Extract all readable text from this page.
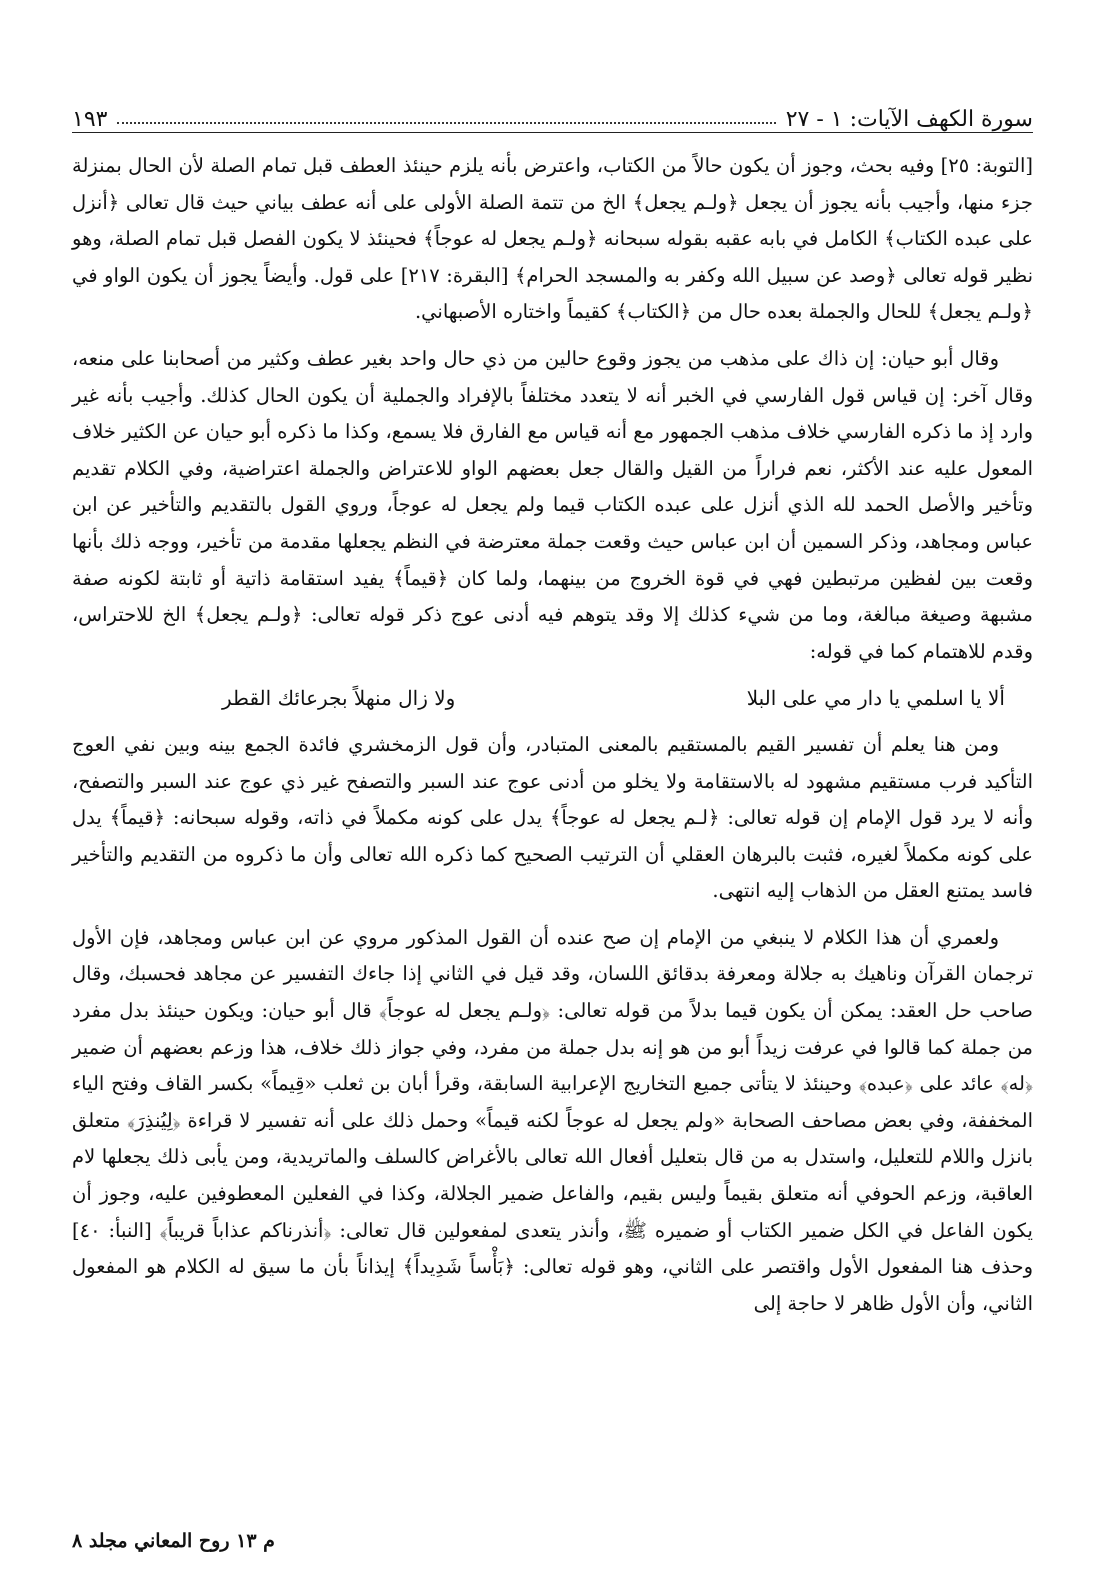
سورة الكهف الآيات: ١ - ٢٧
١٩٣

[التوبة: ٢٥] وفيه بحث، وجوز أن يكون حالاً من الكتاب، واعترض بأنه يلزم حينئذ العطف قبل تمام الصلة لأن الحال بمنزلة جزء منها، وأجيب بأنه يجوز أن يجعل ﴿ولـم يجعل﴾ الخ من تتمة الصلة الأولى على أنه عطف بياني حيث قال تعالى ﴿أنزل على عبده الكتاب﴾ الكامل في بابه عقبه بقوله سبحانه ﴿ولـم يجعل له عوجاً﴾ فحينئذ لا يكون الفصل قبل تمام الصلة، وهو نظير قوله تعالى ﴿وصد عن سبيل الله وكفر به والمسجد الحرام﴾ [البقرة: ٢١٧] على قول. وأيضاً يجوز أن يكون الواو في ﴿ولـم يجعل﴾ للحال والجملة بعده حال من ﴿الكتاب﴾ كقيماً واختاره الأصبهاني.

وقال أبو حيان: إن ذاك على مذهب من يجوز وقوع حالين من ذي حال واحد بغير عطف وكثير من أصحابنا على منعه، وقال آخر: إن قياس قول الفارسي في الخبر أنه لا يتعدد مختلفاً بالإفراد والجملية أن يكون الحال كذلك. وأجيب بأنه غير وارد إذ ما ذكره الفارسي خلاف مذهب الجمهور مع أنه قياس مع الفارق فلا يسمع، وكذا ما ذكره أبو حيان عن الكثير خلاف المعول عليه عند الأكثر، نعم فراراً من القيل والقال جعل بعضهم الواو للاعتراض والجملة اعتراضية، وفي الكلام تقديم وتأخير والأصل الحمد لله الذي أنزل على عبده الكتاب قيما ولم يجعل له عوجاً، وروي القول بالتقديم والتأخير عن ابن عباس ومجاهد، وذكر السمين أن ابن عباس حيث وقعت جملة معترضة في النظم يجعلها مقدمة من تأخير، ووجه ذلك بأنها وقعت بين لفظين مرتبطين فهي في قوة الخروج من بينهما، ولما كان ﴿قيماً﴾ يفيد استقامة ذاتية أو ثابتة لكونه صفة مشبهة وصيغة مبالغة، وما من شيء كذلك إلا وقد يتوهم فيه أدنى عوج ذكر قوله تعالى: ﴿ولـم يجعل﴾ الخ للاحتراس، وقدم للاهتمام كما في قوله:

ألا يا اسلمي يا دار مي على البلا
ولا زال منهلاً بجرعائك القطر

ومن هنا يعلم أن تفسير القيم بالمستقيم بالمعنى المتبادر، وأن قول الزمخشري فائدة الجمع بينه وبين نفي العوج التأكيد فرب مستقيم مشهود له بالاستقامة ولا يخلو من أدنى عوج عند السبر والتصفح غير ذي عوج عند السبر والتصفح، وأنه لا يرد قول الإمام إن قوله تعالى: ﴿لـم يجعل له عوجاً﴾ يدل على كونه مكملاً في ذاته، وقوله سبحانه: ﴿قيماً﴾ يدل على كونه مكملاً لغيره، فثبت بالبرهان العقلي أن الترتيب الصحيح كما ذكره الله تعالى وأن ما ذكروه من التقديم والتأخير فاسد يمتنع العقل من الذهاب إليه انتهى.

ولعمري أن هذا الكلام لا ينبغي من الإمام إن صح عنده أن القول المذكور مروي عن ابن عباس ومجاهد، فإن الأول ترجمان القرآن وناهيك به جلالة ومعرفة بدقائق اللسان، وقد قيل في الثاني إذا جاءك التفسير عن مجاهد فحسبك، وقال صاحب حل العقد: يمكن أن يكون قيما بدلاً من قوله تعالى: ﴿ولـم يجعل له عوجاً﴾ قال أبو حيان: ويكون حينئذ بدل مفرد من جملة كما قالوا في عرفت زيداً أبو من هو إنه بدل جملة من مفرد، وفي جواز ذلك خلاف، هذا وزعم بعضهم أن ضمير ﴿له﴾ عائد على ﴿عبده﴾ وحينئذ لا يتأتى جميع التخاريج الإعرابية السابقة، وقرأ أبان بن ثعلب «قِيماً» بكسر القاف وفتح الياء المخففة، وفي بعض مصاحف الصحابة «ولم يجعل له عوجاً لكنه قيماً» وحمل ذلك على أنه تفسير لا قراءة ﴿لِيُنذِرَ﴾ متعلق بانزل واللام للتعليل، واستدل به من قال بتعليل أفعال الله تعالى بالأغراض كالسلف والماتريدية، ومن يأبى ذلك يجعلها لام العاقبة، وزعم الحوفي أنه متعلق بقيماً وليس بقيم، والفاعل ضمير الجلالة، وكذا في الفعلين المعطوفين عليه، وجوز أن يكون الفاعل في الكل ضمير الكتاب أو ضميره ﷺ، وأنذر يتعدى لمفعولين قال تعالى: ﴿أنذرناكم عذاباً قريباً﴾ [النبأ: ٤٠] وحذف هنا المفعول الأول واقتصر على الثاني، وهو قوله تعالى: ﴿بَأْساً شَدِيداً﴾ إيذاناً بأن ما سيق له الكلام هو المفعول الثاني، وأن الأول ظاهر لا حاجة إلى

م ١٣ روح المعاني مجلد ٨
